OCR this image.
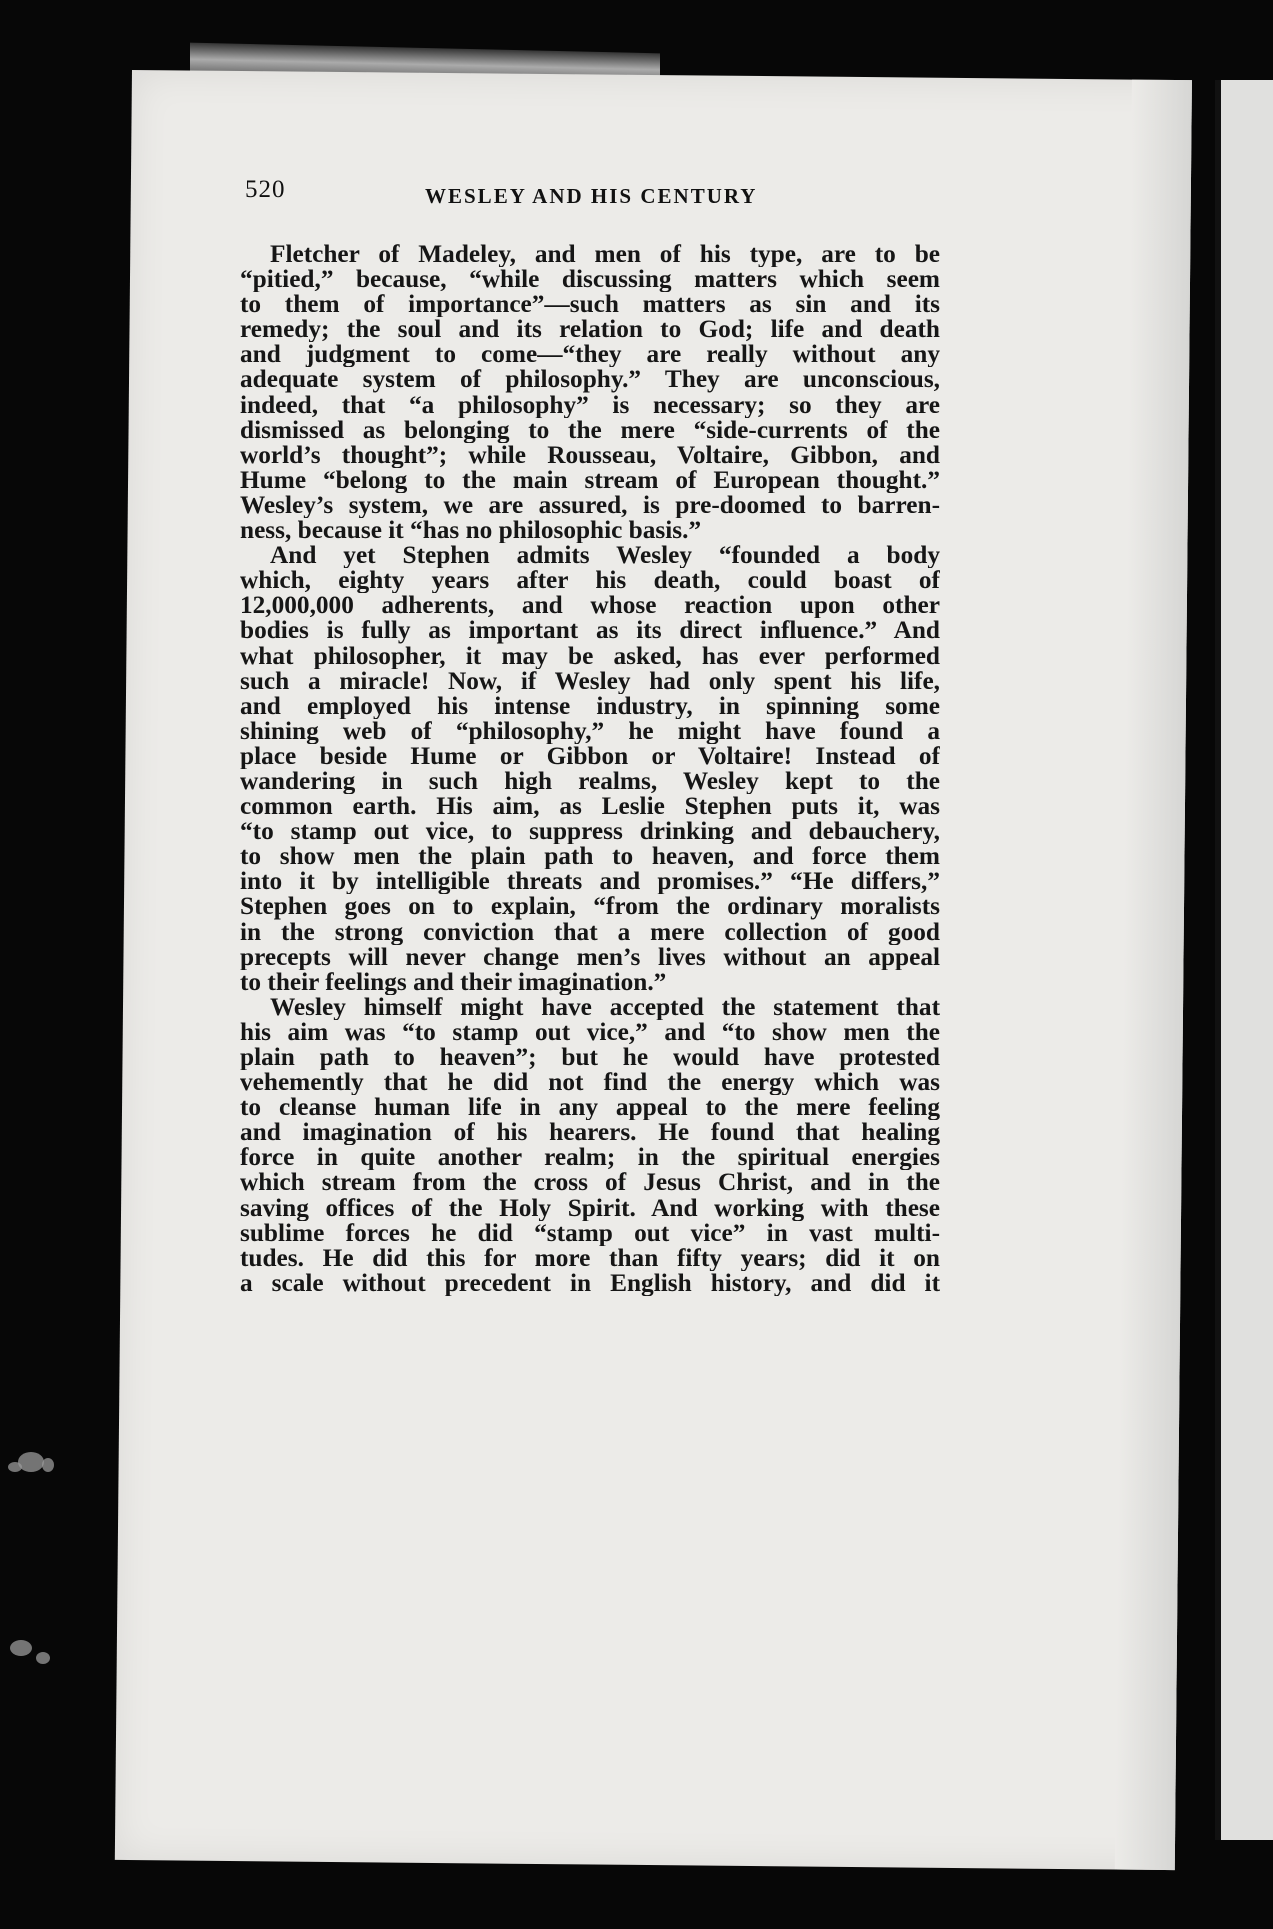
520	WESLEY AND HIS CENTURY
Fletcher of Madeley, and men of his type, are to be
“pitied,” because, “while discussing matters which seem
to them of importance”—such matters as sin and its
remedy; the soul and its relation to God; life and death
and judgment to come—“they are really without any
adequate system of philosophy.” They are unconscious,
indeed, that “a philosophy” is necessary; so they are
dismissed as belonging to the mere “side-currents of the
world’s thought”; while Rousseau, Voltaire, Gibbon, and
Hume “belong to the main stream of European thought.”
Wesley’s system, we are assured, is pre-doomed to barren-
ness, because it “has no philosophic basis.”
And yet Stephen admits Wesley “founded a body
which, eighty years after his death, could boast of
12,000,000 adherents, and whose reaction upon other
bodies is fully as important as its direct influence.” And
what philosopher, it may be asked, has ever performed
such a miracle! Now, if Wesley had only spent his life,
and employed his intense industry, in spinning some
shining web of “philosophy,” he might have found a
place beside Hume or Gibbon or Voltaire! Instead of
wandering in such high realms, Wesley kept to the
common earth. His aim, as Leslie Stephen puts it, was
“to stamp out vice, to suppress drinking and debauchery,
to show men the plain path to heaven, and force them
into it by intelligible threats and promises.” “He differs,”
Stephen goes on to explain, “from the ordinary moralists
in the strong conviction that a mere collection of good
precepts will never change men’s lives without an appeal
to their feelings and their imagination.”
Wesley himself might have accepted the statement that
his aim was “to stamp out vice,” and “to show men the
plain path to heaven”; but he would have protested
vehemently that he did not find the energy which was
to cleanse human life in any appeal to the mere feeling
and imagination of his hearers. He found that healing
force in quite another realm; in the spiritual energies
which stream from the cross of Jesus Christ, and in the
saving offices of the Holy Spirit. And working with these
sublime forces he did “stamp out vice” in vast multi-
tudes. He did this for more than fifty years; did it on
a scale without precedent in English history, and did it
